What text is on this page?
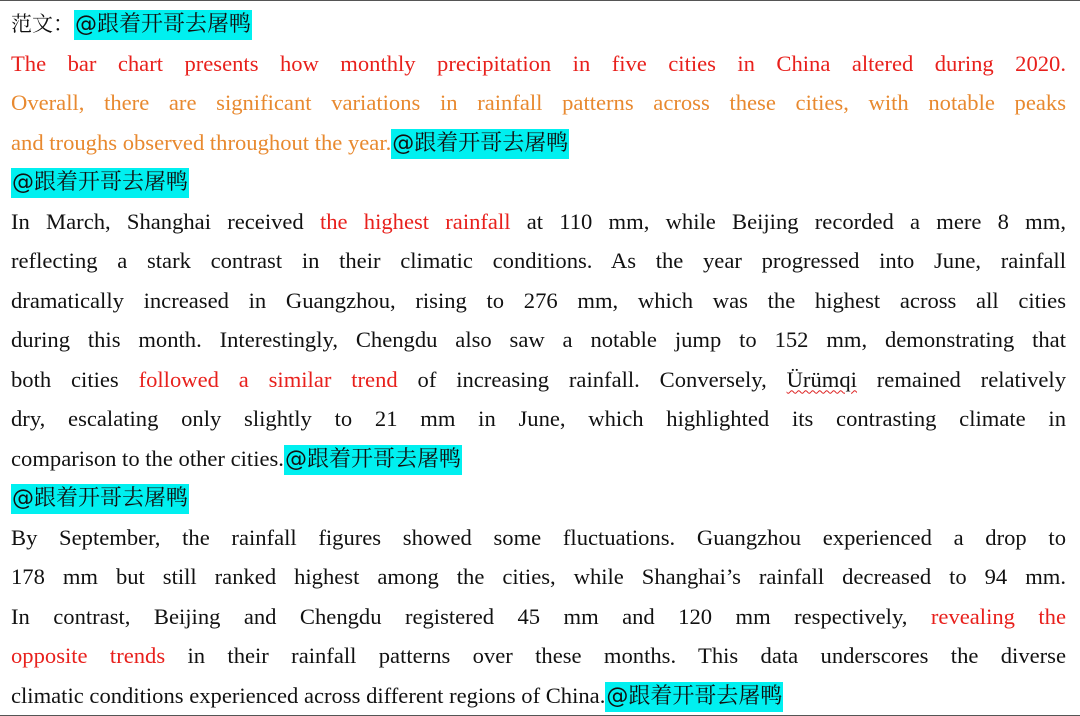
范文：@跟着开哥去屠鸭
The bar chart presents how monthly precipitation in five cities in China altered during 2020.
Overall, there are significant variations in rainfall patterns across these cities, with notable peaks
and troughs observed throughout the year.@跟着开哥去屠鸭
@跟着开哥去屠鸭
In March, Shanghai received the highest rainfall at 110 mm, while Beijing recorded a mere 8 mm,
reflecting a stark contrast in their climatic conditions. As the year progressed into June, rainfall
dramatically increased in Guangzhou, rising to 276 mm, which was the highest across all cities
during this month. Interestingly, Chengdu also saw a notable jump to 152 mm, demonstrating that
both cities followed a similar trend of increasing rainfall. Conversely, Ürümqi remained relatively
dry, escalating only slightly to 21 mm in June, which highlighted its contrasting climate in
comparison to the other cities.@跟着开哥去屠鸭
@跟着开哥去屠鸭
By September, the rainfall figures showed some fluctuations. Guangzhou experienced a drop to
178 mm but still ranked highest among the cities, while Shanghai’s rainfall decreased to 94 mm.
In contrast, Beijing and Chengdu registered 45 mm and 120 mm respectively, revealing the
opposite trends in their rainfall patterns over these months. This data underscores the diverse
climatic conditions experienced across different regions of China.@跟着开哥去屠鸭
